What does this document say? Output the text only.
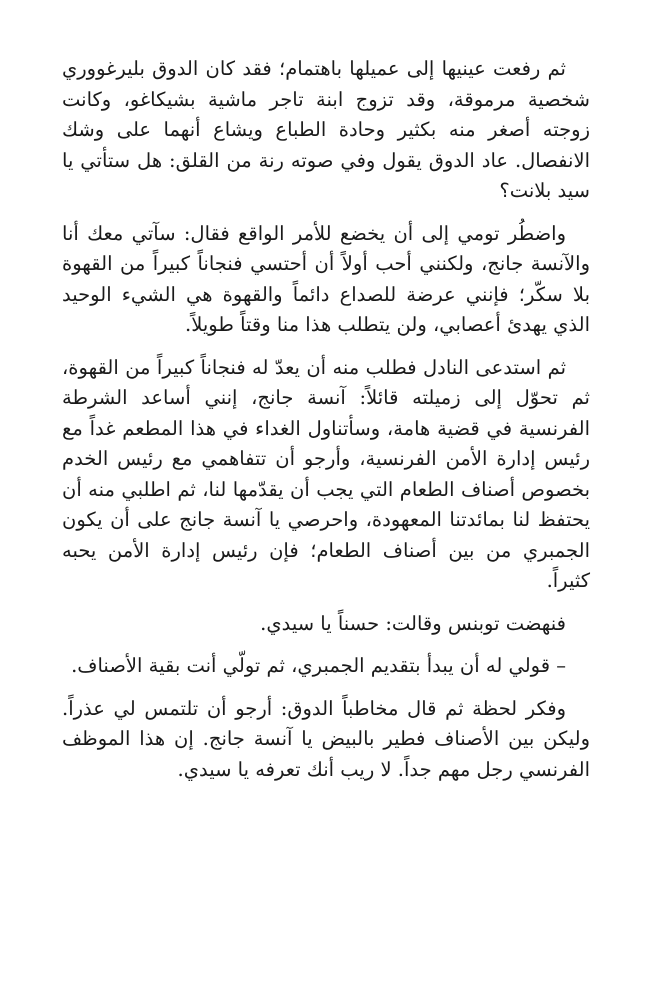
ثم رفعت عينيها إلى عميلها باهتمام؛ فقد كان الدوق بليرغووري شخصية مرموقة، وقد تزوج ابنة تاجر ماشية بشيكاغو، وكانت زوجته أصغر منه بكثير وحادة الطباع ويشاع أنهما على وشك الانفصال. عاد الدوق يقول وفي صوته رنة من القلق: هل ستأتي يا سيد بلانت؟

واضطُر تومي إلى أن يخضع للأمر الواقع فقال: سآتي معك أنا والآنسة جانج، ولكنني أحب أولاً أن أحتسي فنجاناً كبيراً من القهوة بلا سكّر؛ فإنني عرضة للصداع دائماً والقهوة هي الشيء الوحيد الذي يهدئ أعصابي، ولن يتطلب هذا منا وقتاً طويلاً.

ثم استدعى النادل فطلب منه أن يعدّ له فنجاناً كبيراً من القهوة، ثم تحوّل إلى زميلته قائلاً: آنسة جانج، إنني أساعد الشرطة الفرنسية في قضية هامة، وسأتناول الغداء في هذا المطعم غداً مع رئيس إدارة الأمن الفرنسية، وأرجو أن تتفاهمي مع رئيس الخدم بخصوص أصناف الطعام التي يجب أن يقدّمها لنا، ثم اطلبي منه أن يحتفظ لنا بمائدتنا المعهودة، واحرصي يا آنسة جانج على أن يكون الجمبري من بين أصناف الطعام؛ فإن رئيس إدارة الأمن يحبه كثيراً.

فنهضت توبنس وقالت: حسناً يا سيدي.

– قولي له أن يبدأ بتقديم الجمبري، ثم تولّي أنت بقية الأصناف.

وفكر لحظة ثم قال مخاطباً الدوق: أرجو أن تلتمس لي عذراً. وليكن بين الأصناف فطير بالبيض يا آنسة جانج. إن هذا الموظف الفرنسي رجل مهم جداً. لا ريب أنك تعرفه يا سيدي.
